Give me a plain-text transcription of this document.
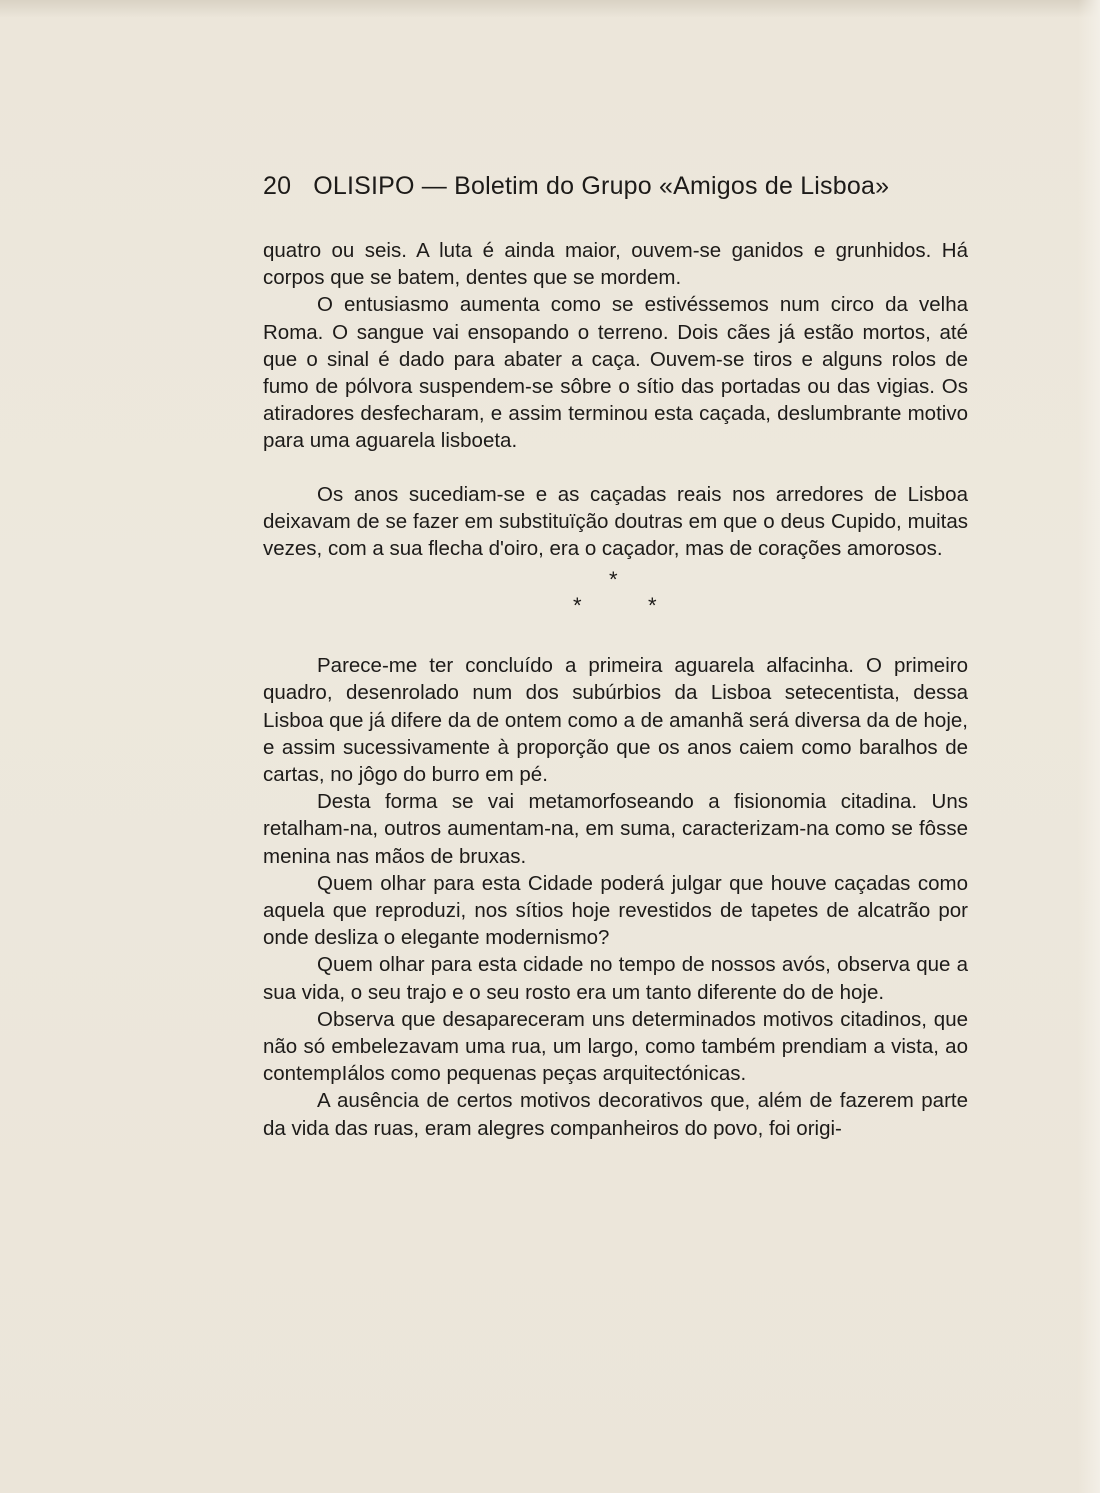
20 OLISIPO — Boletim do Grupo «Amigos de Lisboa»

quatro ou seis. A luta é ainda maior, ouvem-se ganidos e grunhidos. Há corpos que se batem, dentes que se mordem.

O entusiasmo aumenta como se estivéssemos num circo da velha Roma. O sangue vai ensopando o terreno. Dois cães já estão mortos, até que o sinal é dado para abater a caça. Ouvem-se tiros e alguns rolos de fumo de pólvora suspendem-se sôbre o sítio das portadas ou das vigias. Os atiradores desfecharam, e assim terminou esta caçada, deslumbrante motivo para uma aguarela lisboeta.

Os anos sucediam-se e as caçadas reais nos arredores de Lisboa deixavam de se fazer em substituïção doutras em que o deus Cupido, muitas vezes, com a sua flecha d'oiro, era o caçador, mas de corações amorosos.

*
*	*

Parece-me ter concluído a primeira aguarela alfacinha. O primeiro quadro, desenrolado num dos subúrbios da Lisboa setecentista, dessa Lisboa que já difere da de ontem como a de amanhã será diversa da de hoje, e assim sucessivamente à proporção que os anos caiem como baralhos de cartas, no jôgo do burro em pé.

Desta forma se vai metamorfoseando a fisionomia citadina. Uns retalham-na, outros aumentam-na, em suma, caracterizam-na como se fôsse menina nas mãos de bruxas.

Quem olhar para esta Cidade poderá julgar que houve caçadas como aquela que reproduzi, nos sítios hoje revestidos de tapetes de alcatrão por onde desliza o elegante modernismo?

Quem olhar para esta cidade no tempo de nossos avós, observa que a sua vida, o seu trajo e o seu rosto era um tanto diferente do de hoje.

Observa que desapareceram uns determinados motivos citadinos, que não só embelezavam uma rua, um largo, como também prendiam a vista, ao contempIálos como pequenas peças arquitectónicas.

A ausência de certos motivos decorativos que, além de fazerem parte da vida das ruas, eram alegres companheiros do povo, foi origi-
